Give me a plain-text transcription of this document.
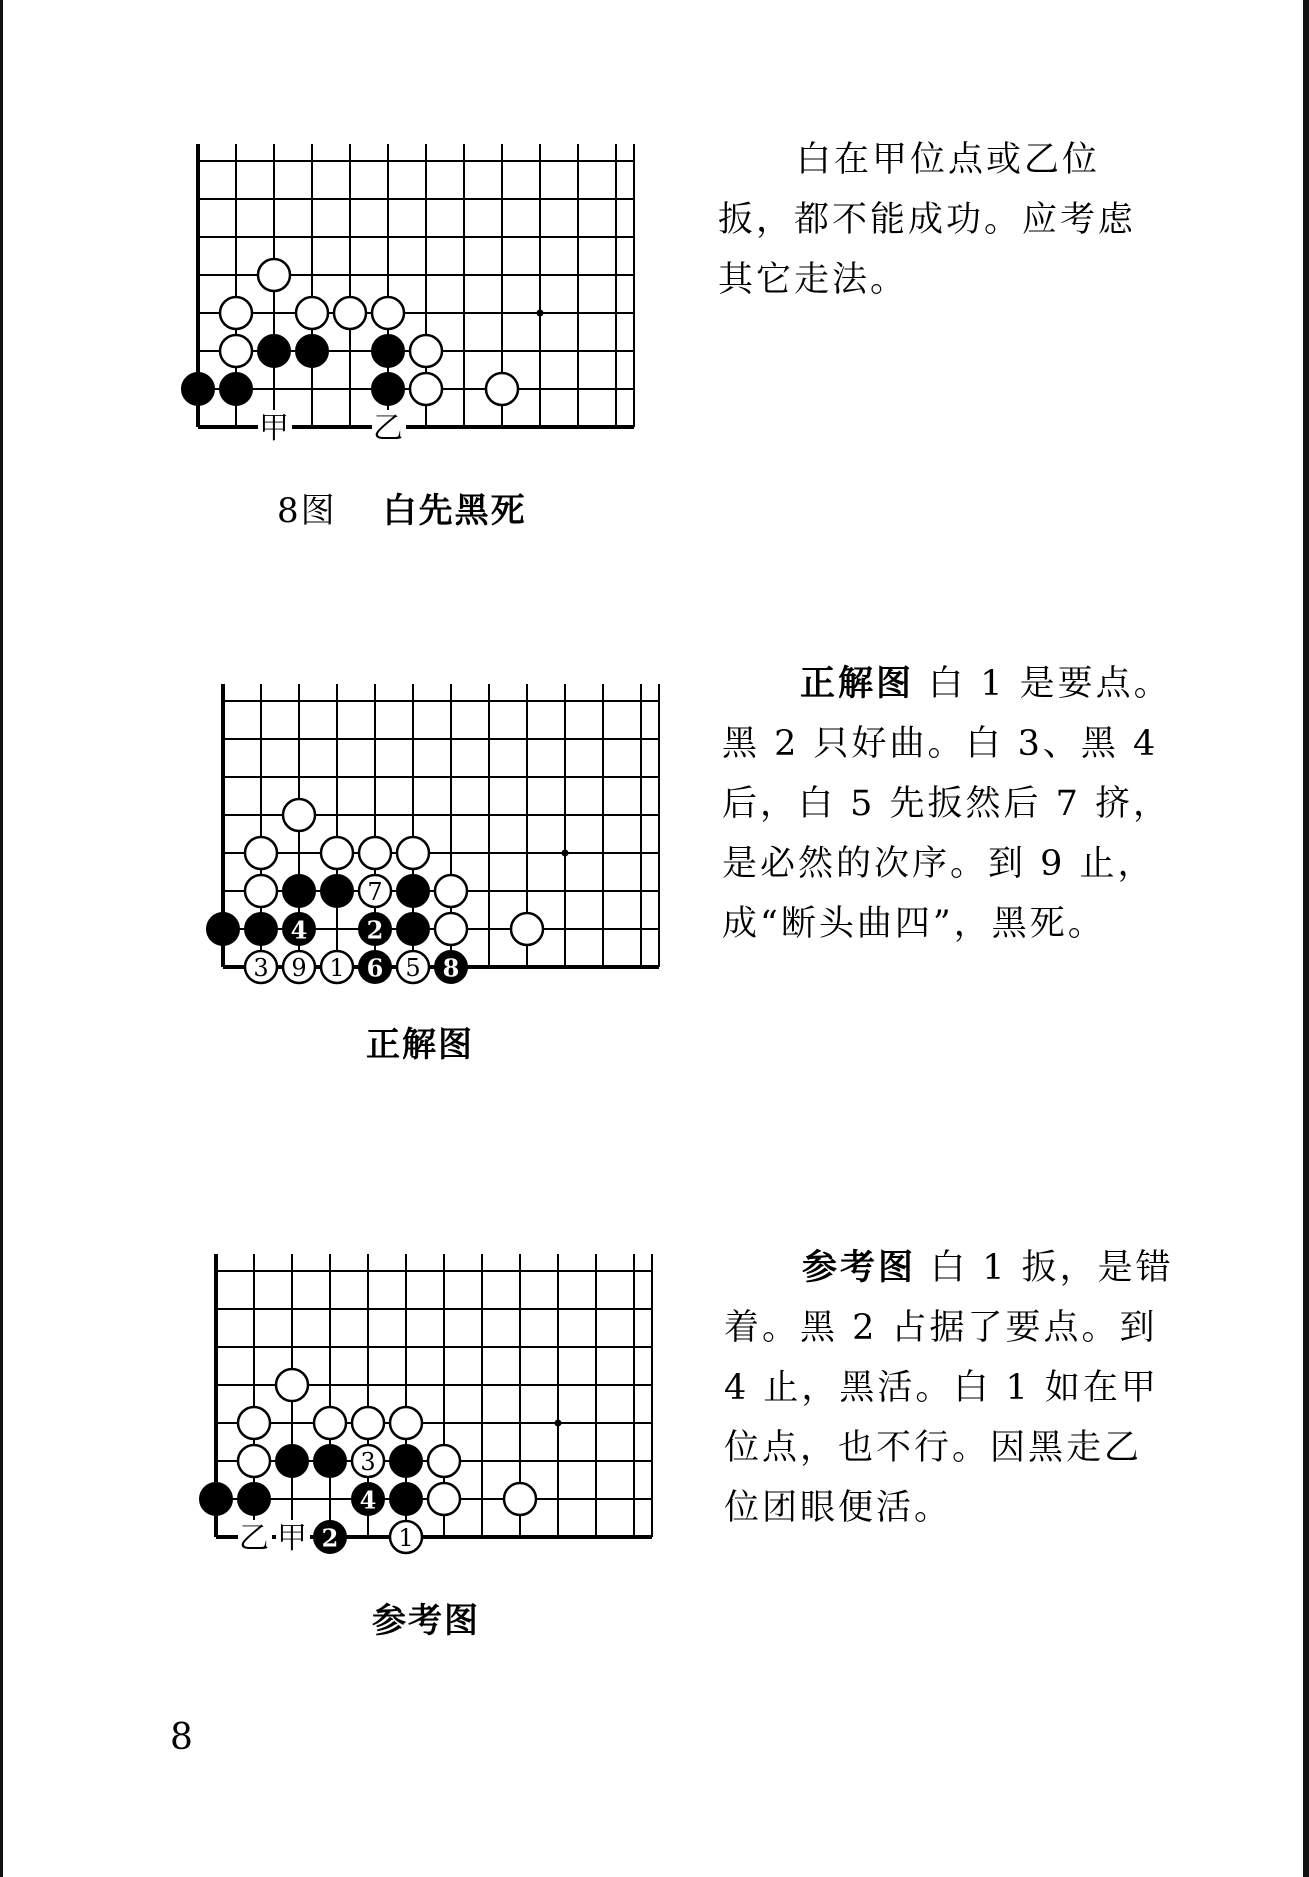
甲	乙
8图 白先黑死

白在甲位点或乙位扳，都不能成功。应考虑其它走法。

3 9 1 6 5 8
4 2
7
正解图

正解图 白 1 是要点。黑 2 只好曲。白 3、黑 4 后，白 5 先扳然后 7 挤，是必然的次序。到 9 止，成“断头曲四”，黑死。

乙 甲 2	1
3
4
参考图

参考图 白 1 扳，是错着。黑 2 占据了要点。到 4 止，黑活。白 1 如在甲位点，也不行。因黑走乙位团眼便活。

8
